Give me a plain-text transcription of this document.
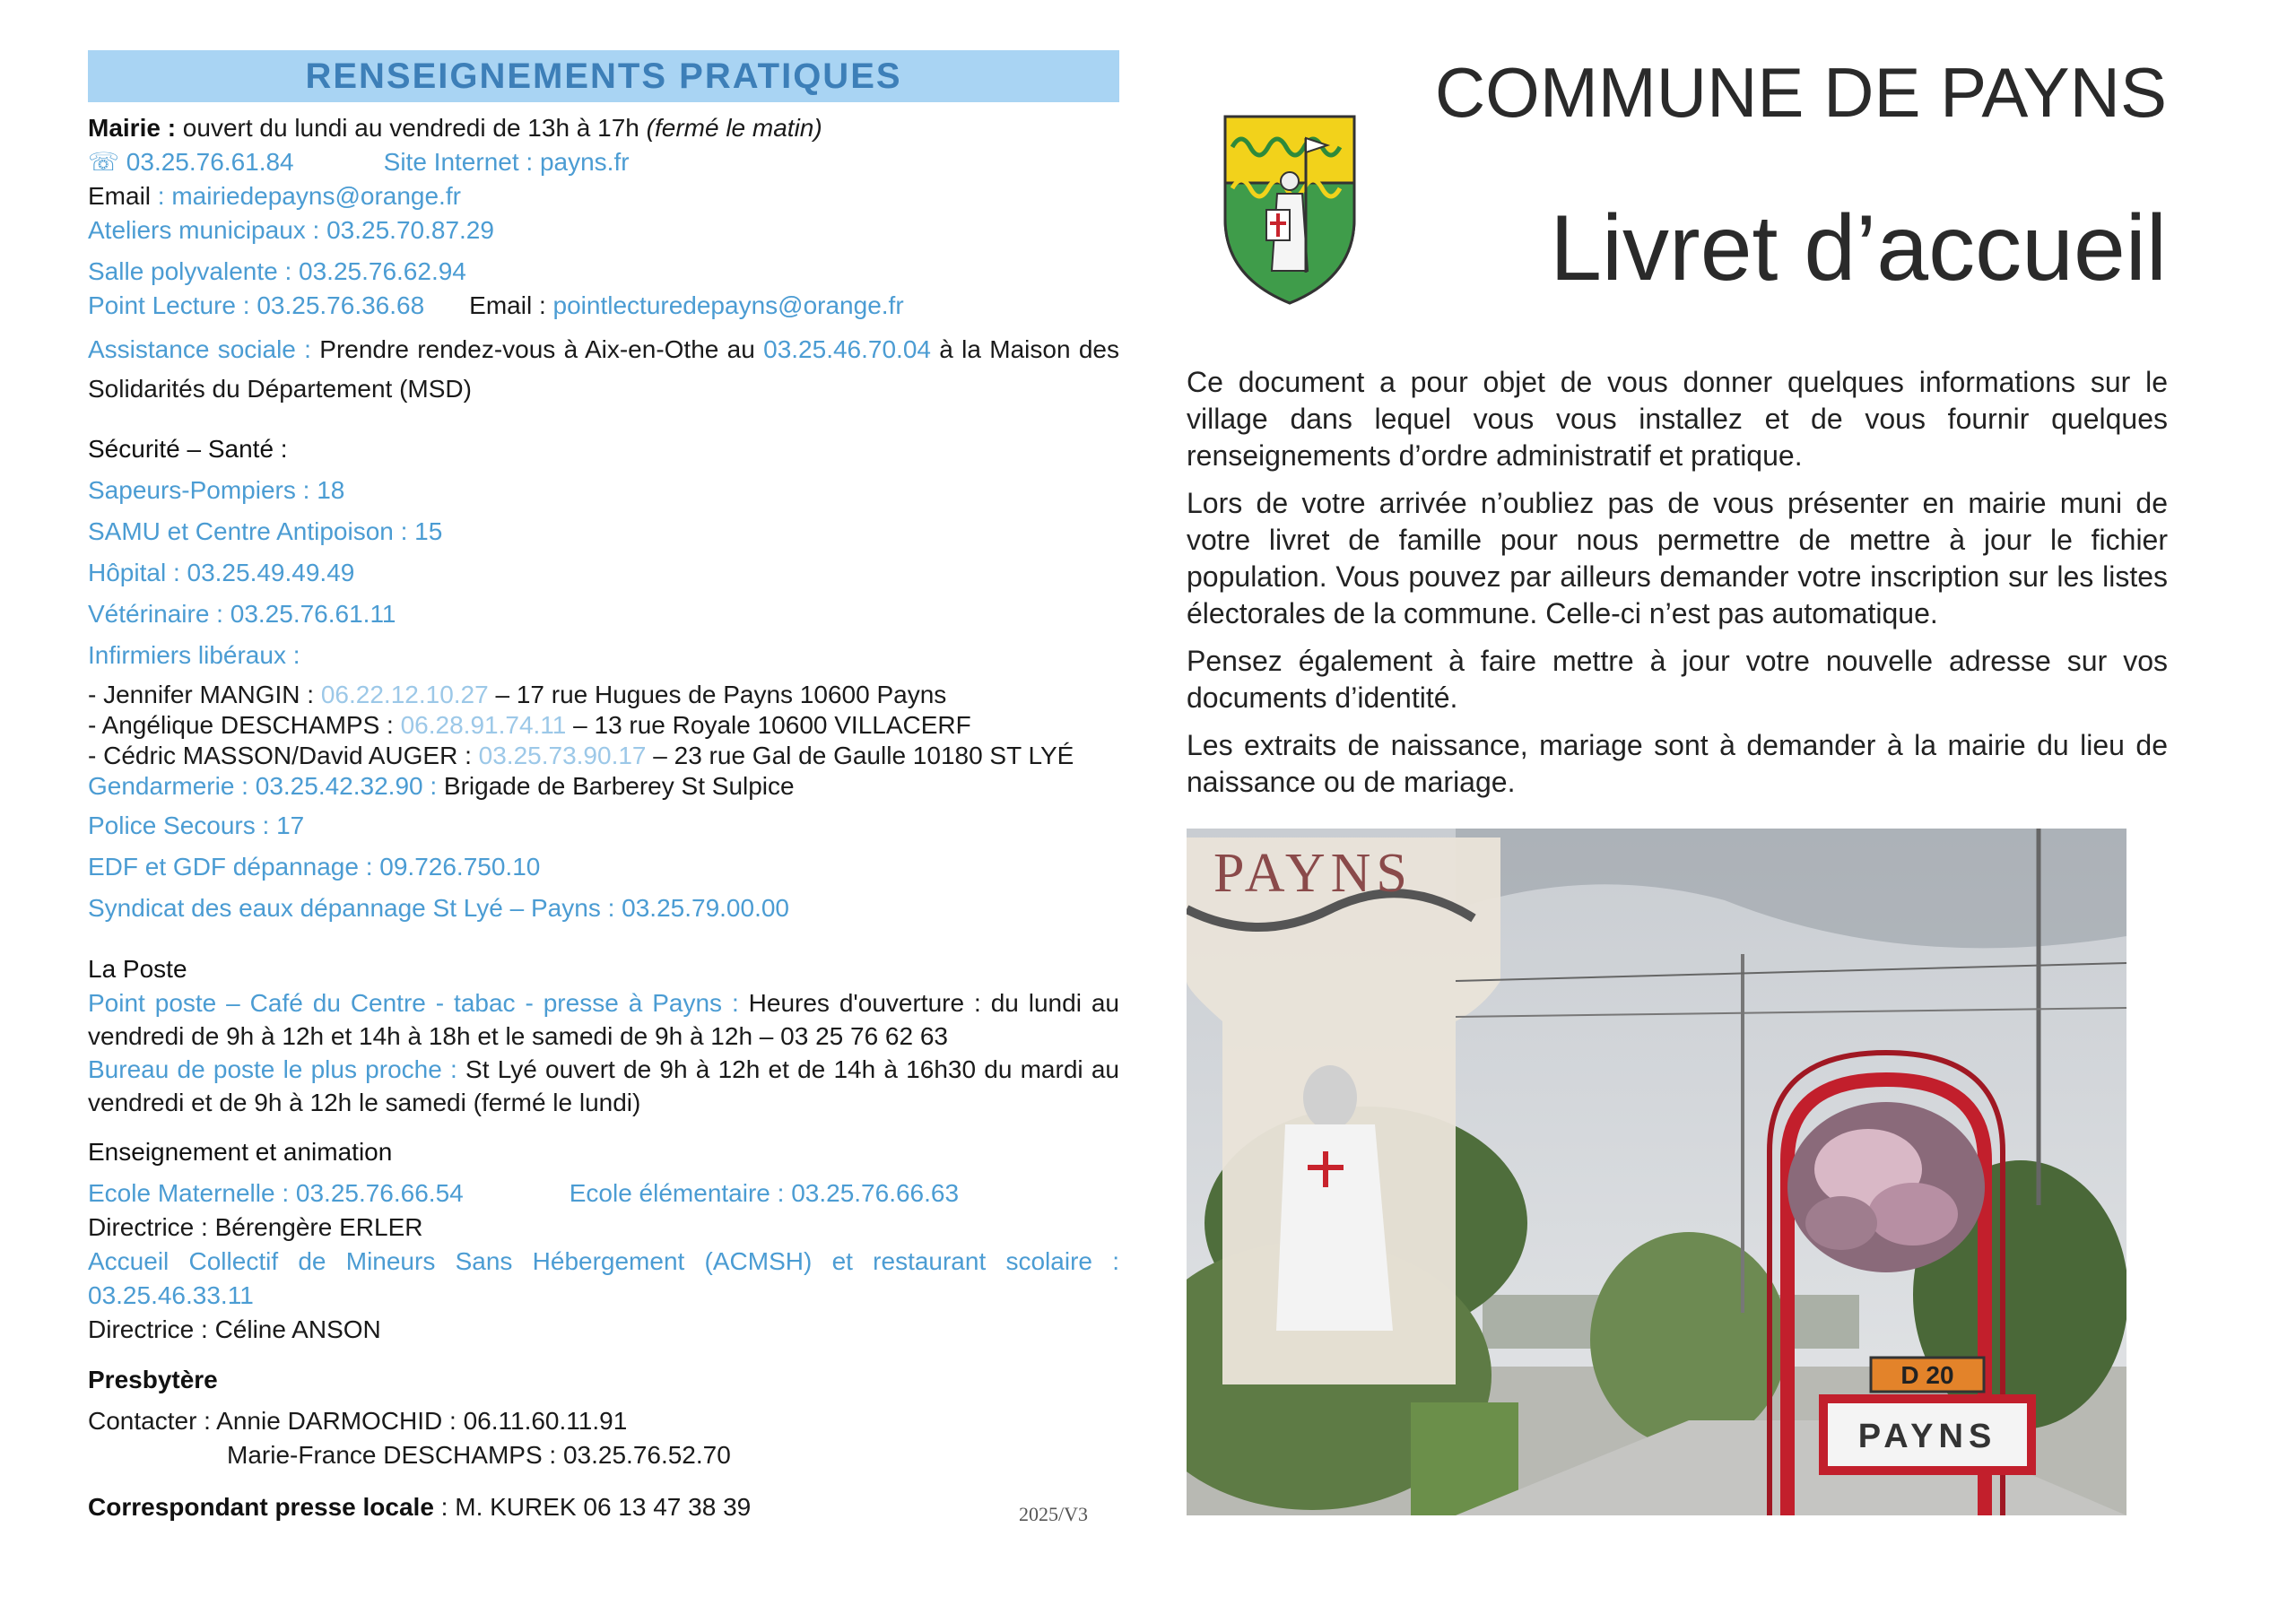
RENSEIGNEMENTS PRATIQUES
Mairie : ouvert du lundi au vendredi de 13h à 17h (fermé le matin)
☏ 03.25.76.61.84	Site Internet : payns.fr
Email : mairiedepayns@orange.fr
Ateliers municipaux : 03.25.70.87.29
Salle polyvalente : 03.25.76.62.94
Point Lecture : 03.25.76.36.68 Email : pointlecturedepayns@orange.fr
Assistance sociale : Prendre rendez-vous à Aix-en-Othe au 03.25.46.70.04 à la Maison des Solidarités du Département (MSD)
Sécurité – Santé :
Sapeurs-Pompiers : 18
SAMU et Centre Antipoison : 15
Hôpital : 03.25.49.49.49
Vétérinaire : 03.25.76.61.11
Infirmiers libéraux :
- Jennifer MANGIN : 06.22.12.10.27 – 17 rue Hugues de Payns 10600 Payns
- Angélique DESCHAMPS : 06.28.91.74.11 – 13 rue Royale 10600 VILLACERF
- Cédric MASSON/David AUGER : 03.25.73.90.17 – 23 rue Gal de Gaulle 10180 ST LYÉ
Gendarmerie : 03.25.42.32.90 : Brigade de Barberey St Sulpice
Police Secours : 17
EDF et GDF dépannage : 09.726.750.10
Syndicat des eaux dépannage St Lyé – Payns : 03.25.79.00.00
La Poste
Point poste – Café du Centre - tabac - presse à Payns : Heures d'ouverture : du lundi au vendredi de 9h à 12h et 14h à 18h et le samedi de 9h à 12h – 03 25 76 62 63
Bureau de poste le plus proche : St Lyé ouvert de 9h à 12h et de 14h à 16h30 du mardi au vendredi et de 9h à 12h le samedi (fermé le lundi)
Enseignement et animation
Ecole Maternelle : 03.25.76.66.54	Ecole élémentaire : 03.25.76.66.63
Directrice : Bérengère ERLER
Accueil Collectif de Mineurs Sans Hébergement (ACMSH) et restaurant scolaire : 03.25.46.33.11
Directrice : Céline ANSON
Presbytère
Contacter : Annie DARMOCHID : 06.11.60.11.91
Marie-France DESCHAMPS : 03.25.76.52.70
Correspondant presse locale : M. KUREK 06 13 47 38 39	2025/V3
COMMUNE DE PAYNS
Livret d’accueil

Ce document a pour objet de vous donner quelques informations sur le village dans lequel vous vous installez et de vous fournir quelques renseignements d’ordre administratif et pratique.

Lors de votre arrivée n’oubliez pas de vous présenter en mairie muni de votre livret de famille pour nous permettre de mettre à jour le fichier population. Vous pouvez par ailleurs demander votre inscription sur les listes électorales de la commune. Celle-ci n’est pas automatique.

Pensez également à faire mettre à jour votre nouvelle adresse sur vos documents d’identité.

Les extraits de naissance, mariage sont à demander à la mairie du lieu de naissance ou de mariage.

PAYNS
D 20
PAYNS
